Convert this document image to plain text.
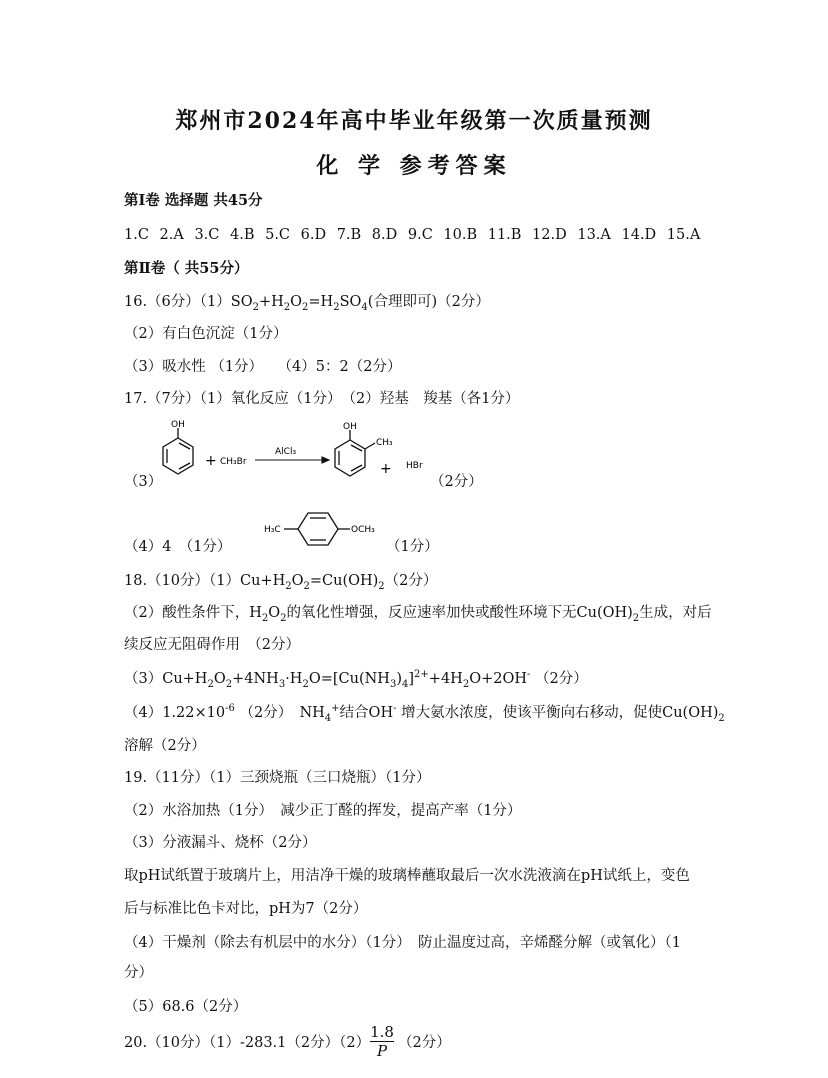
郑州市2024年高中毕业年级第一次质量预测
化 学 参考答案
第Ⅰ卷 选择题 共45分
1.C 2.A 3.C 4.B 5.C 6.D 7.B 8.D 9.C 10.B 11.B 12.D 13.A 14.D 15.A
第Ⅱ卷（ 共55分）
16.（6分）$(1)SO_2+H_2O_2=H_2SO_4$(合理即可)（2分）
（2）有白色沉淀（1分）
（3）吸水性 （1分）　　（4）5：2（2分）
17.（7分）（1）氧化反应（1分）　（2）羟基　羧基（各1分）
OH
+ CH₃Br
AlCl₃
OH
CH₃
+ HBr
（3）	（2分）
H₃C	OCH₃
（4）4　（1分）	（1分）
18.（10分）$(1)Cu+H_2O_2=Cu(OH)_2(2$分）
（2）酸性条件下，$H_2O_2$的氧化性增强，反应速率加快或酸性环境下无$Cu(OH)_2$生成，对后
续反应无阻碍作用　（2分）
$(3)Cu+H_2O_2+4NH_3\cdot H_2O=[Cu(NH_3)_4]^{2+}+4H_2O+2OH^-$ （2分）
$(4)1.22\times 10^{-6}$ （2分）　$NH_4^+$结合OH- 增大氨水浓度，使该平衡向右移动，促使$Cu(OH)_2$
溶解（2分）
19.（11分）（1）三颈烧瓶（三口烧瓶）（1分）
（2）水浴加热（1分）　减少正丁醛的挥发，提高产率（1分）
（3）分液漏斗、烧杯（2分）
取pH试纸置于玻璃片上，用洁净干燥的玻璃棒蘸取最后一次水洗液滴在pH试纸上，变色
后与标准比色卡对比，pH为7（2分）
（4）干燥剂（除去有机层中的水分）（1分）　防止温度过高，辛烯醛分解（或氧化）（1
分）
（5）68.6（2分）
20.（10分）（1）-283.1（2分）$(2) \frac{1.8}{P} (2$分）
